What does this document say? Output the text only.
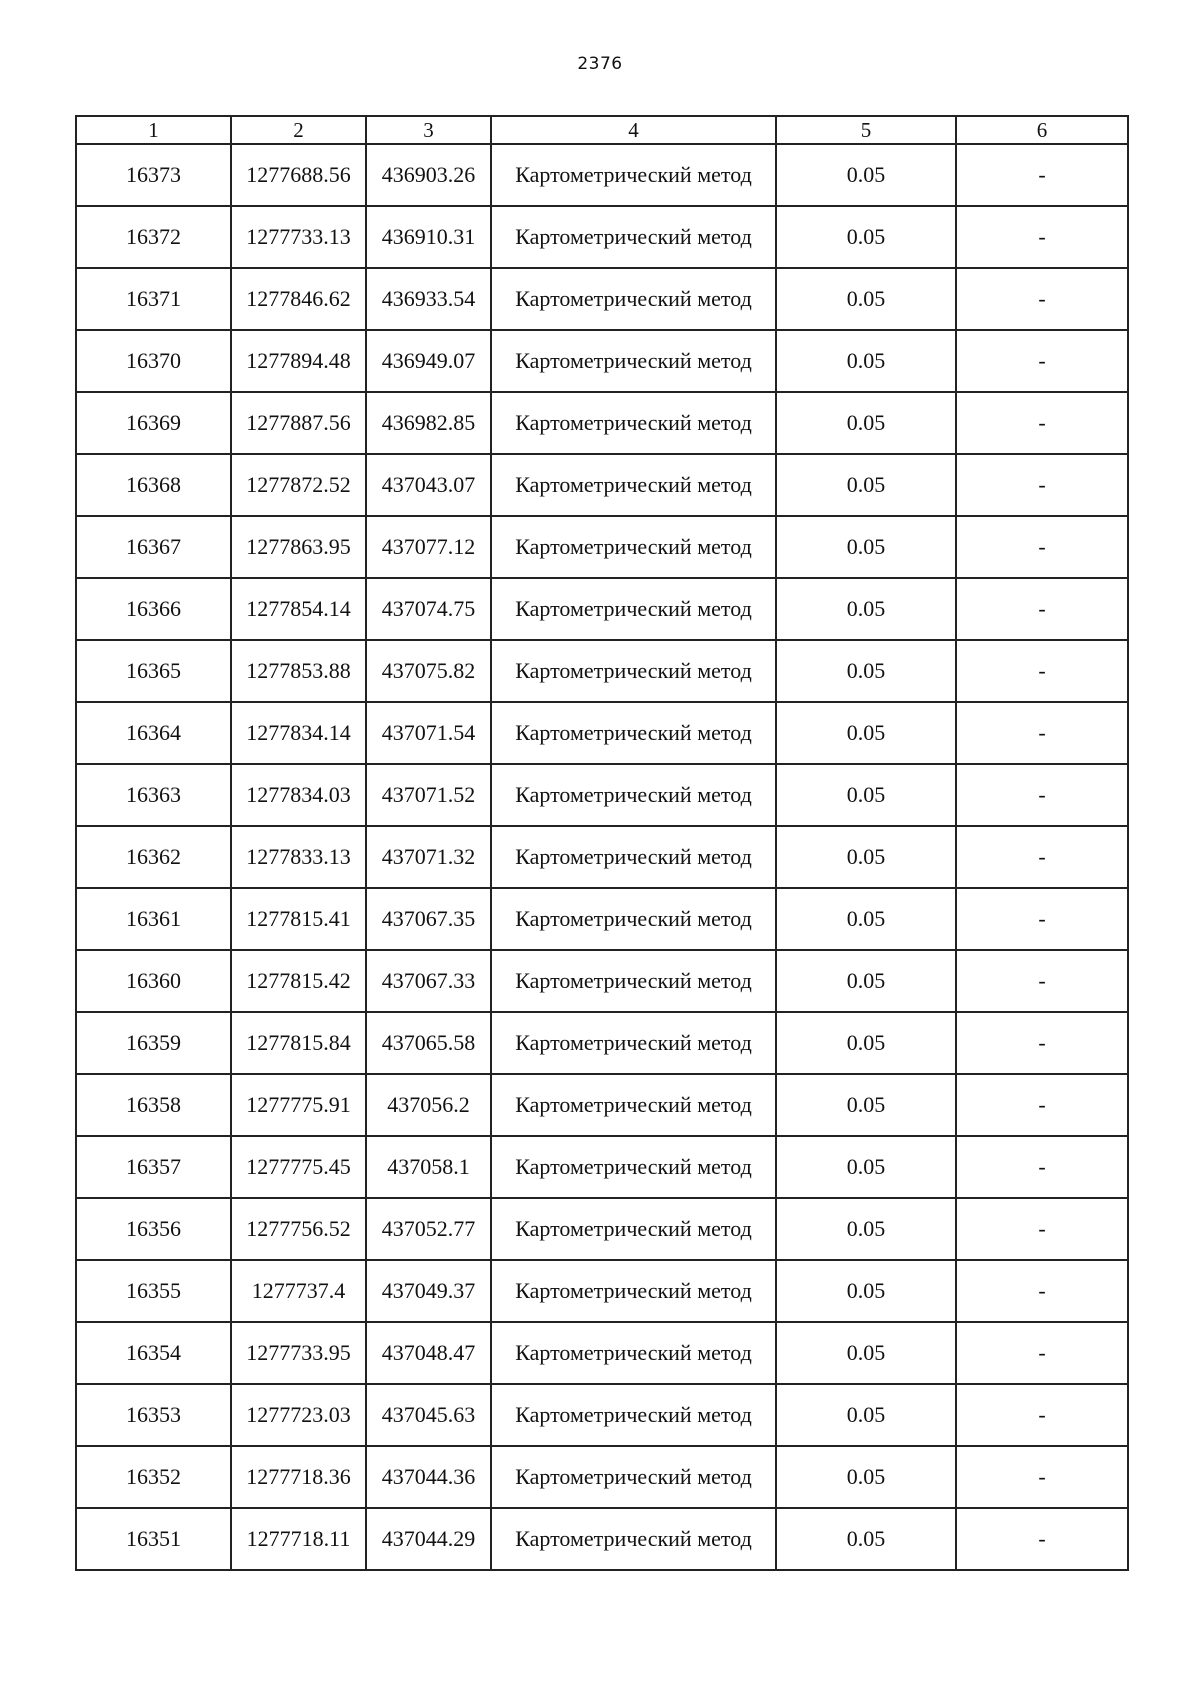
2376
1	2	3	4	5	6
16373	1277688.56	436903.26	Картометрический метод	0.05	-
16372	1277733.13	436910.31	Картометрический метод	0.05	-
16371	1277846.62	436933.54	Картометрический метод	0.05	-
16370	1277894.48	436949.07	Картометрический метод	0.05	-
16369	1277887.56	436982.85	Картометрический метод	0.05	-
16368	1277872.52	437043.07	Картометрический метод	0.05	-
16367	1277863.95	437077.12	Картометрический метод	0.05	-
16366	1277854.14	437074.75	Картометрический метод	0.05	-
16365	1277853.88	437075.82	Картометрический метод	0.05	-
16364	1277834.14	437071.54	Картометрический метод	0.05	-
16363	1277834.03	437071.52	Картометрический метод	0.05	-
16362	1277833.13	437071.32	Картометрический метод	0.05	-
16361	1277815.41	437067.35	Картометрический метод	0.05	-
16360	1277815.42	437067.33	Картометрический метод	0.05	-
16359	1277815.84	437065.58	Картометрический метод	0.05	-
16358	1277775.91	437056.2	Картометрический метод	0.05	-
16357	1277775.45	437058.1	Картометрический метод	0.05	-
16356	1277756.52	437052.77	Картометрический метод	0.05	-
16355	1277737.4	437049.37	Картометрический метод	0.05	-
16354	1277733.95	437048.47	Картометрический метод	0.05	-
16353	1277723.03	437045.63	Картометрический метод	0.05	-
16352	1277718.36	437044.36	Картометрический метод	0.05	-
16351	1277718.11	437044.29	Картометрический метод	0.05	-
